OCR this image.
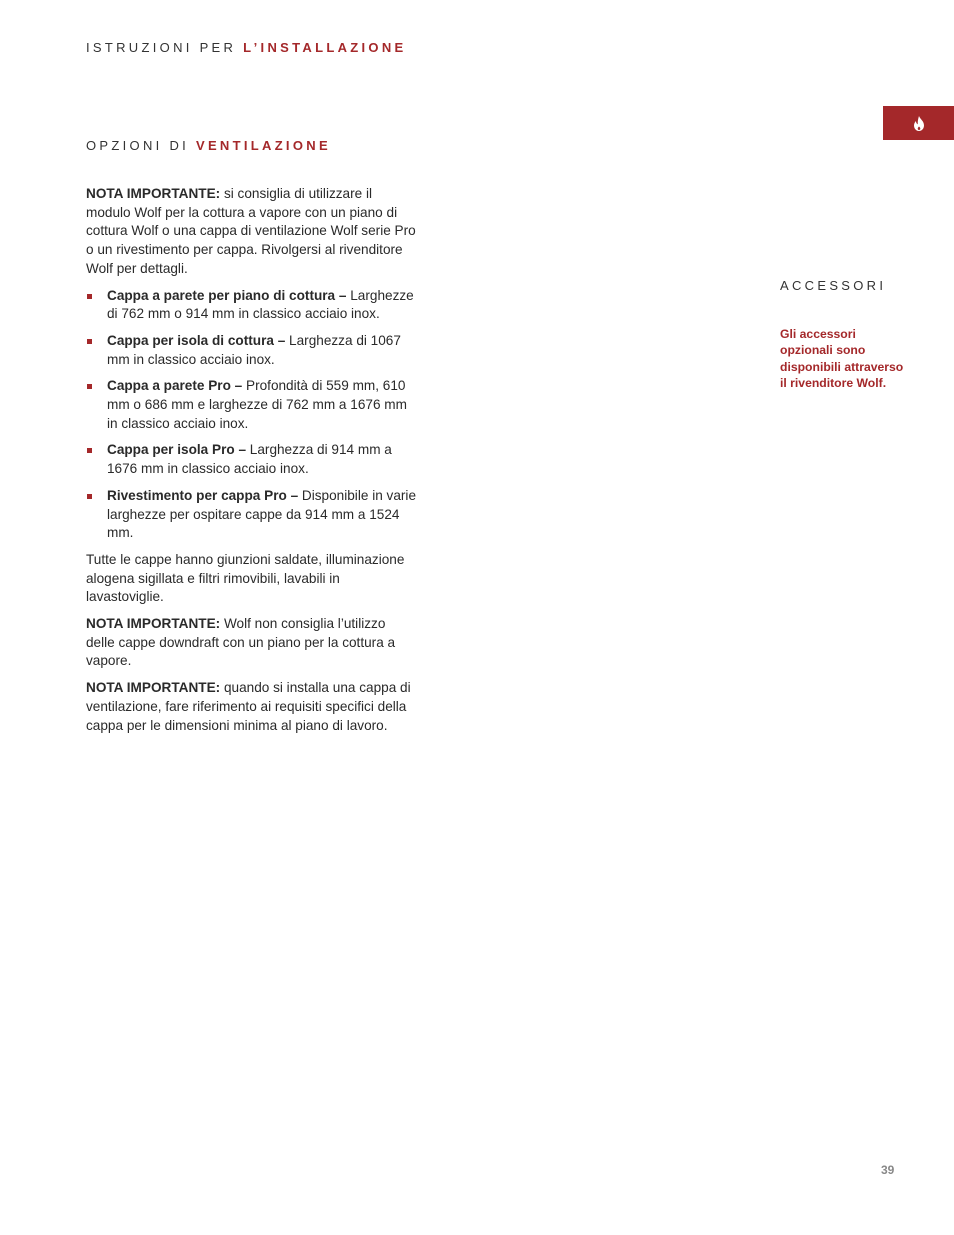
ISTRUZIONI PER L’INSTALLAZIONE
OPZIONI DI VENTILAZIONE

NOTA IMPORTANTE: si consiglia di utilizzare il modulo Wolf per la cottura a vapore con un piano di cottura Wolf o una cappa di ventilazione Wolf serie Pro o un rivestimento per cappa. Rivolgersi al rivenditore Wolf per dettagli.

Cappa a parete per piano di cottura – Larghezze di 762 mm o 914 mm in classico acciaio inox.
Cappa per isola di cottura – Larghezza di 1067 mm in classico acciaio inox.
Cappa a parete Pro – Profondità di 559 mm, 610 mm o 686 mm e larghezze di 762 mm a 1676 mm in classico acciaio inox.
Cappa per isola Pro – Larghezza di 914 mm a 1676 mm in classico acciaio inox.
Rivestimento per cappa Pro – Disponibile in varie larghezze per ospitare cappe da 914 mm a 1524 mm.

Tutte le cappe hanno giunzioni saldate, illuminazione alogena sigillata e filtri rimovibili, lavabili in lavastoviglie.

NOTA IMPORTANTE: Wolf non consiglia l’utilizzo delle cappe downdraft con un piano per la cottura a vapore.

NOTA IMPORTANTE: quando si installa una cappa di ventilazione, fare riferimento ai requisiti specifici della cappa per le dimensioni minima al piano di lavoro.

ACCESSORI
Gli accessori opzionali sono disponibili attraverso il rivenditore Wolf.
39
